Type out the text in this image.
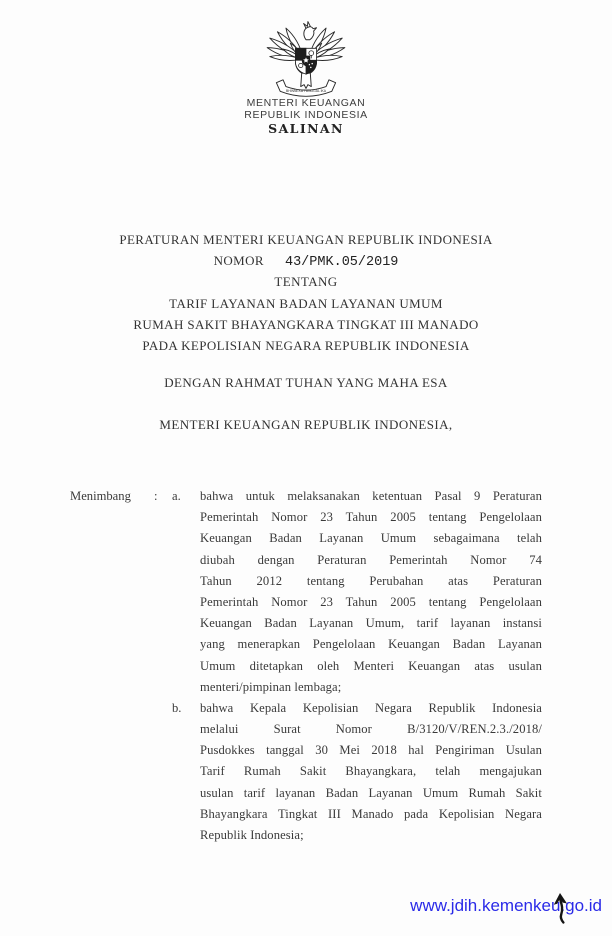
BHINNEKA TUNGGAL IKA
MENTERI KEUANGAN
REPUBLIK INDONESIA
SALINAN
PERATURAN MENTERI KEUANGAN REPUBLIK INDONESIA
NOMOR 43/PMK.05/2019
TENTANG
TARIF LAYANAN BADAN LAYANAN UMUM
RUMAH SAKIT BHAYANGKARA TINGKAT III MANADO
PADA KEPOLISIAN NEGARA REPUBLIK INDONESIA
DENGAN RAHMAT TUHAN YANG MAHA ESA
MENTERI KEUANGAN REPUBLIK INDONESIA,
Menimbang	:	a. bahwa untuk melaksanakan ketentuan Pasal 9 Peraturan
Pemerintah Nomor 23 Tahun 2005 tentang Pengelolaan
Keuangan Badan Layanan Umum sebagaimana telah
diubah dengan Peraturan Pemerintah Nomor 74
Tahun 2012 tentang Perubahan atas Peraturan
Pemerintah Nomor 23 Tahun 2005 tentang Pengelolaan
Keuangan Badan Layanan Umum, tarif layanan instansi
yang menerapkan Pengelolaan Keuangan Badan Layanan
Umum ditetapkan oleh Menteri Keuangan atas usulan
menteri/pimpinan lembaga;
b. bahwa Kepala Kepolisian Negara Republik Indonesia
melalui Surat Nomor B/3120/V/REN.2.3./2018/
Pusdokkes tanggal 30 Mei 2018 hal Pengiriman Usulan
Tarif Rumah Sakit Bhayangkara, telah mengajukan
usulan tarif layanan Badan Layanan Umum Rumah Sakit
Bhayangkara Tingkat III Manado pada Kepolisian Negara
Republik Indonesia;
www.jdih.kemenkeu.go.id
